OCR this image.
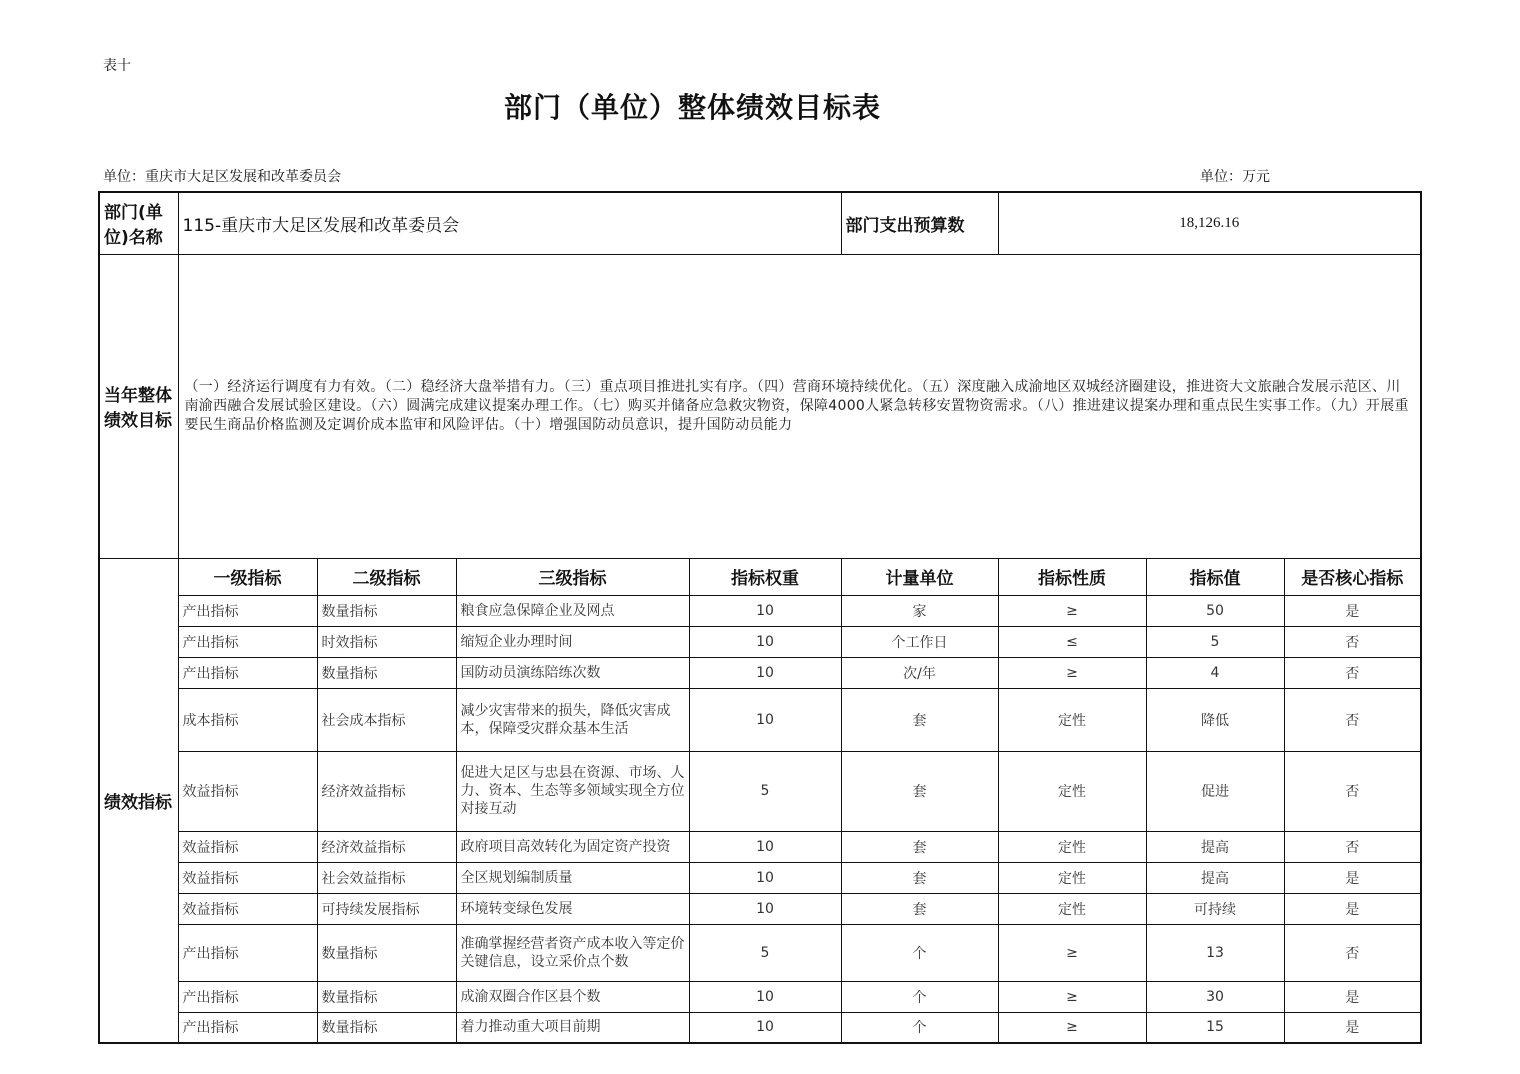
表十
部门（单位）整体绩效目标表
单位：重庆市大足区发展和改革委员会	单位：万元
部门(单位)名称	115-重庆市大足区发展和改革委员会				部门支出预算数	18,126.16		
当年整体绩效目标	（一）经济运行调度有力有效。（二）稳经济大盘举措有力。（三）重点项目推进扎实有序。（四）营商环境持续优化。（五）深度融入成渝地区双城经济圈建设，推进资大文旅融合发展示范区、川南渝西融合发展试验区建设。（六）圆满完成建议提案办理工作。（七）购买并储备应急救灾物资，保障4000人紧急转移安置物资需求。（八）推进建议提案办理和重点民生实事工作。（九）开展重要民生商品价格监测及定调价成本监审和风险评估。（十）增强国防动员意识，提升国防动员能力							
绩效指标	一级指标	二级指标	三级指标	指标权重	计量单位	指标性质	指标值	是否核心指标
	产出指标	数量指标	粮食应急保障企业及网点	10	家	≥	50	是
	产出指标	时效指标	缩短企业办理时间	10	个工作日	≤	5	否
	产出指标	数量指标	国防动员演练陪练次数	10	次/年	≥	4	否
	成本指标	社会成本指标	减少灾害带来的损失，降低灾害成本，保障受灾群众基本生活	10	套	定性	降低	否
	效益指标	经济效益指标	促进大足区与忠县在资源、市场、人力、资本、生态等多领域实现全方位对接互动	5	套	定性	促进	否
	效益指标	经济效益指标	政府项目高效转化为固定资产投资	10	套	定性	提高	否
	效益指标	社会效益指标	全区规划编制质量	10	套	定性	提高	是
	效益指标	可持续发展指标	环境转变绿色发展	10	套	定性	可持续	是
	产出指标	数量指标	准确掌握经营者资产成本收入等定价关键信息，设立采价点个数	5	个	≥	13	否
	产出指标	数量指标	成渝双圈合作区县个数	10	个	≥	30	是
	产出指标	数量指标	着力推动重大项目前期	10	个	≥	15	是
